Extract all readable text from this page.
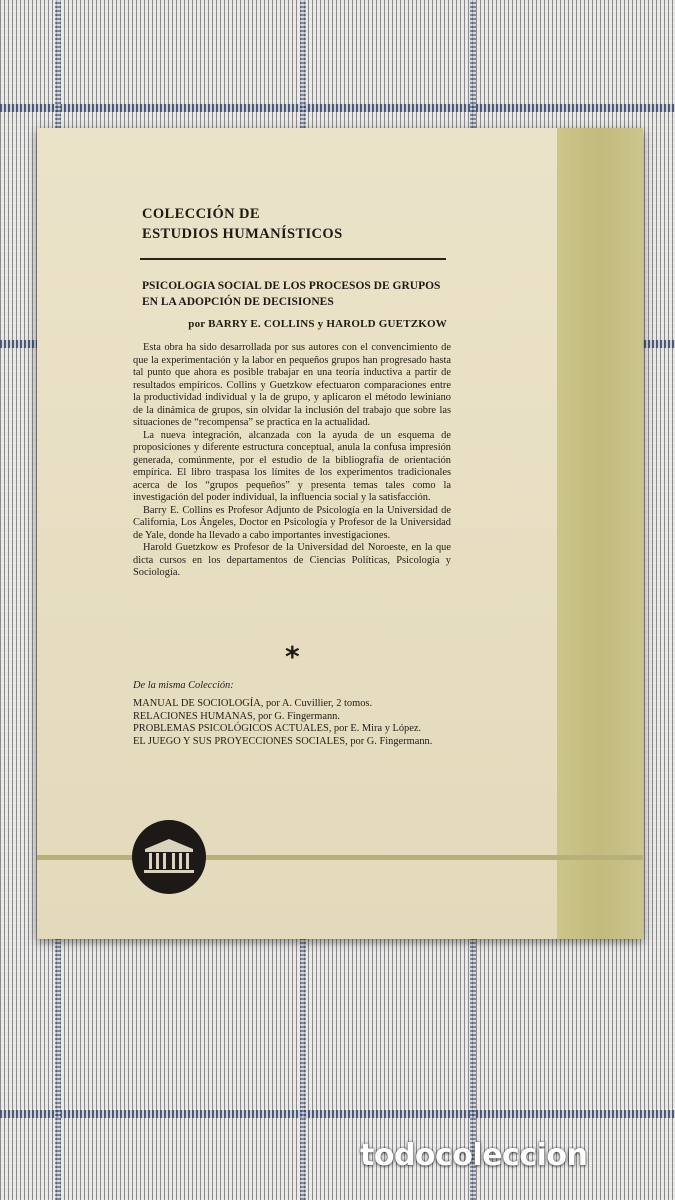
COLECCIÓN DE
ESTUDIOS HUMANÍSTICOS
PSICOLOGIA SOCIAL DE LOS PROCESOS DE GRUPOS
EN LA ADOPCIÓN DE DECISIONES
por BARRY E. COLLINS y HAROLD GUETZKOW

Esta obra ha sido desarrollada por sus autores con el convencimiento de que la experimentación y la labor en pequeños grupos han progresado hasta tal punto que ahora es posible trabajar en una teoría inductiva a partir de resultados empíricos. Collins y Guetzkow efectuaron comparaciones entre la productividad individual y la de grupo, y aplicaron el método lewiniano de la dinámica de grupos, sin olvidar la inclusión del trabajo que sobre las situaciones de “recompensa” se practica en la actualidad.

La nueva integración, alcanzada con la ayuda de un esquema de proposiciones y diferente estructura conceptual, anula la confusa impresión generada, comúnmente, por el estudio de la bibliografía de orientación empírica. El libro traspasa los límites de los experimentos tradicionales acerca de los “grupos pequeños” y presenta temas tales como la investigación del poder individual, la influencia social y la satisfacción.

Barry E. Collins es Profesor Adjunto de Psicología en la Universidad de California, Los Ángeles, Doctor en Psicología y Profesor de la Universidad de Yale, donde ha llevado a cabo importantes investigaciones.

Harold Guetzkow es Profesor de la Universidad del Noroeste, en la que dicta cursos en los departamentos de Ciencias Políticas, Psicología y Sociología.

*
De la misma Colección:
MANUAL DE SOCIOLOGÍA, por A. Cuvillier, 2 tomos.
RELACIONES HUMANAS, por G. Fingermann.
PROBLEMAS PSICOLÓGICOS ACTUALES, por E. Mira y López.
EL JUEGO Y SUS PROYECCIONES SOCIALES, por G. Fingermann.
todocoleccion
